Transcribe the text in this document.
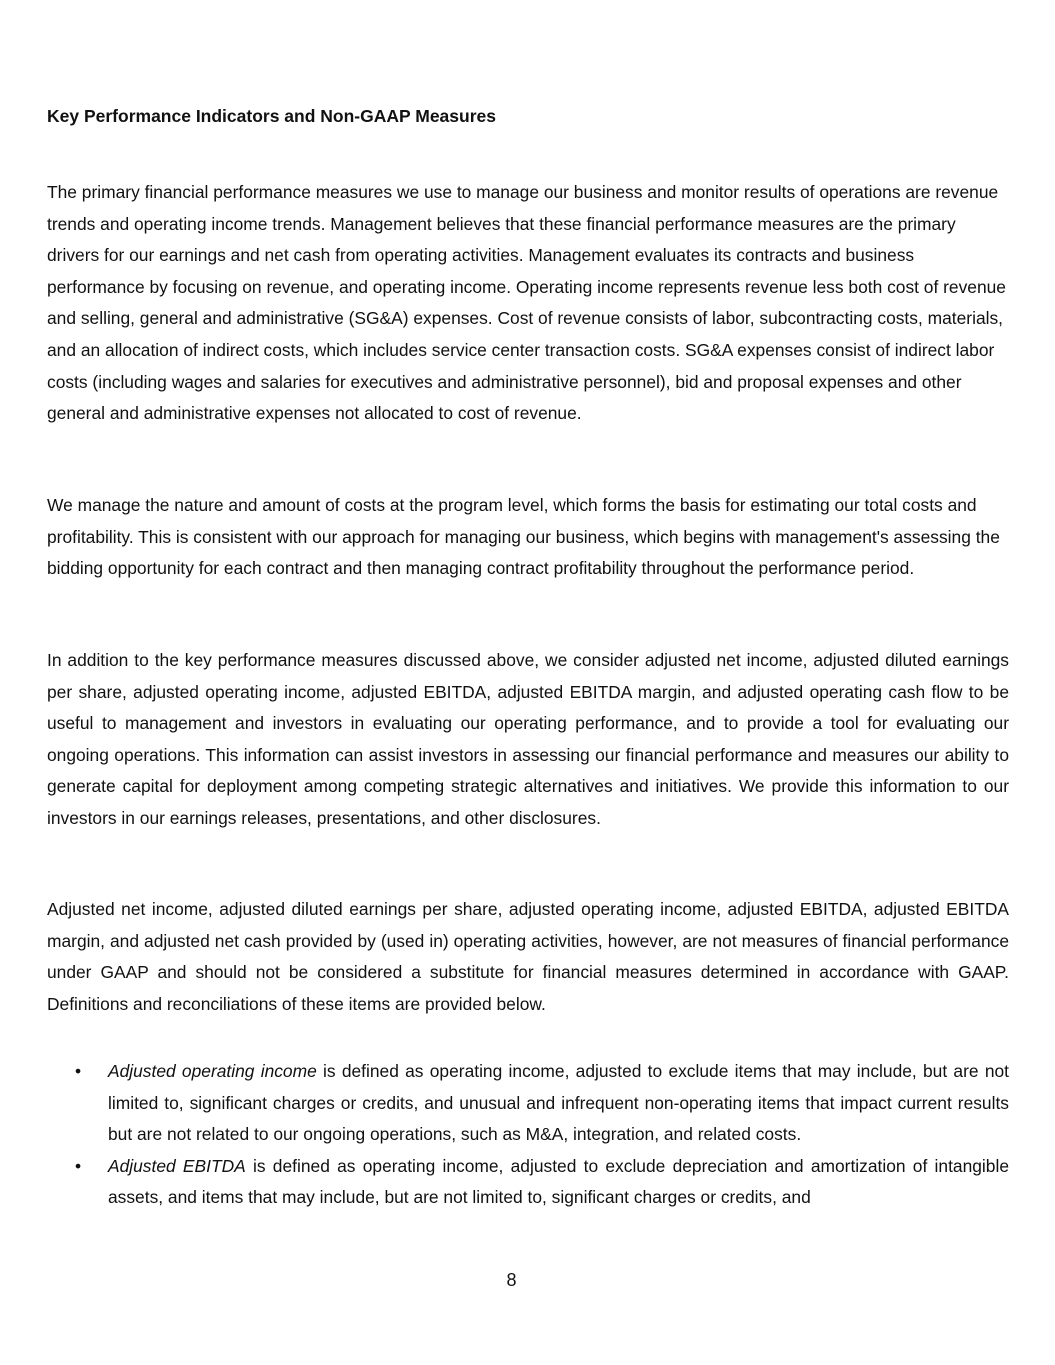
Key Performance Indicators and Non-GAAP Measures

The primary financial performance measures we use to manage our business and monitor results of operations are revenue trends and operating income trends. Management believes that these financial performance measures are the primary drivers for our earnings and net cash from operating activities. Management evaluates its contracts and business performance by focusing on revenue, and operating income. Operating income represents revenue less both cost of revenue and selling, general and administrative (SG&A) expenses. Cost of revenue consists of labor, subcontracting costs, materials, and an allocation of indirect costs, which includes service center transaction costs. SG&A expenses consist of indirect labor costs (including wages and salaries for executives and administrative personnel), bid and proposal expenses and other general and administrative expenses not allocated to cost of revenue.

We manage the nature and amount of costs at the program level, which forms the basis for estimating our total costs and profitability. This is consistent with our approach for managing our business, which begins with management's assessing the bidding opportunity for each contract and then managing contract profitability throughout the performance period.

In addition to the key performance measures discussed above, we consider adjusted net income, adjusted diluted earnings per share, adjusted operating income, adjusted EBITDA, adjusted EBITDA margin, and adjusted operating cash flow to be useful to management and investors in evaluating our operating performance, and to provide a tool for evaluating our ongoing operations. This information can assist investors in assessing our financial performance and measures our ability to generate capital for deployment among competing strategic alternatives and initiatives. We provide this information to our investors in our earnings releases, presentations, and other disclosures.

Adjusted net income, adjusted diluted earnings per share, adjusted operating income, adjusted EBITDA, adjusted EBITDA margin, and adjusted net cash provided by (used in) operating activities, however, are not measures of financial performance under GAAP and should not be considered a substitute for financial measures determined in accordance with GAAP. Definitions and reconciliations of these items are provided below.

• Adjusted operating income is defined as operating income, adjusted to exclude items that may include, but are not limited to, significant charges or credits, and unusual and infrequent non-operating items that impact current results but are not related to our ongoing operations, such as M&A, integration, and related costs.
• Adjusted EBITDA is defined as operating income, adjusted to exclude depreciation and amortization of intangible assets, and items that may include, but are not limited to, significant charges or credits, and

8
